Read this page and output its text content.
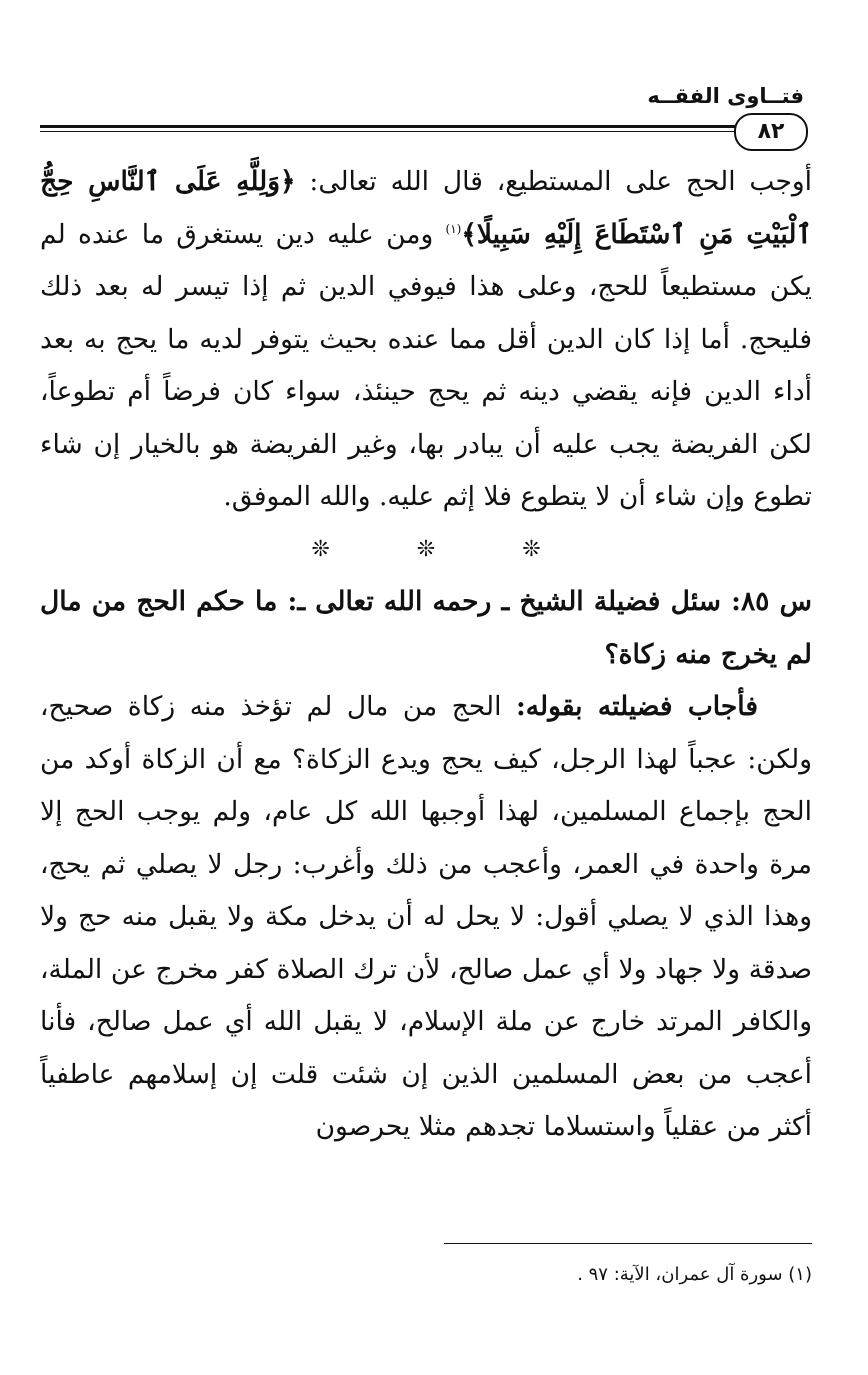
فتــاوى الفقــه
٨٢

أوجب الحج على المستطيع، قال الله تعالى: ﴿وَلِلَّهِ عَلَى ٱلنَّاسِ حِجُّ ٱلْبَيْتِ مَنِ ٱسْتَطَاعَ إِلَيْهِ سَبِيلًا﴾$^{(١)}$ ومن عليه دين يستغرق ما عنده لم يكن مستطيعاً للحج، وعلى هذا فيوفي الدين ثم إذا تيسر له بعد ذلك فليحج. أما إذا كان الدين أقل مما عنده بحيث يتوفر لديه ما يحج به بعد أداء الدين فإنه يقضي دينه ثم يحج حينئذ، سواء كان فرضاً أم تطوعاً، لكن الفريضة يجب عليه أن يبادر بها، وغير الفريضة هو بالخيار إن شاء تطوع وإن شاء أن لا يتطوع فلا إثم عليه. والله الموفق.

❊ ❊ ❊

س ٨٥: سئل فضيلة الشيخ ـ رحمه الله تعالى ـ: ما حكم الحج من مال لم يخرج منه زكاة؟

فأجاب فضيلته بقوله: الحج من مال لم تؤخذ منه زكاة صحيح، ولكن: عجباً لهذا الرجل، كيف يحج ويدع الزكاة؟ مع أن الزكاة أوكد من الحج بإجماع المسلمين، لهذا أوجبها الله كل عام، ولم يوجب الحج إلا مرة واحدة في العمر، وأعجب من ذلك وأغرب: رجل لا يصلي ثم يحج، وهذا الذي لا يصلي أقول: لا يحل له أن يدخل مكة ولا يقبل منه حج ولا صدقة ولا جهاد ولا أي عمل صالح، لأن ترك الصلاة كفر مخرج عن الملة، والكافر المرتد خارج عن ملة الإسلام، لا يقبل الله أي عمل صالح، فأنا أعجب من بعض المسلمين الذين إن شئت قلت إن إسلامهم عاطفياً أكثر من عقلياً واستسلاما تجدهم مثلا يحرصون

(١) سورة آل عمران، الآية: ٩٧ .
